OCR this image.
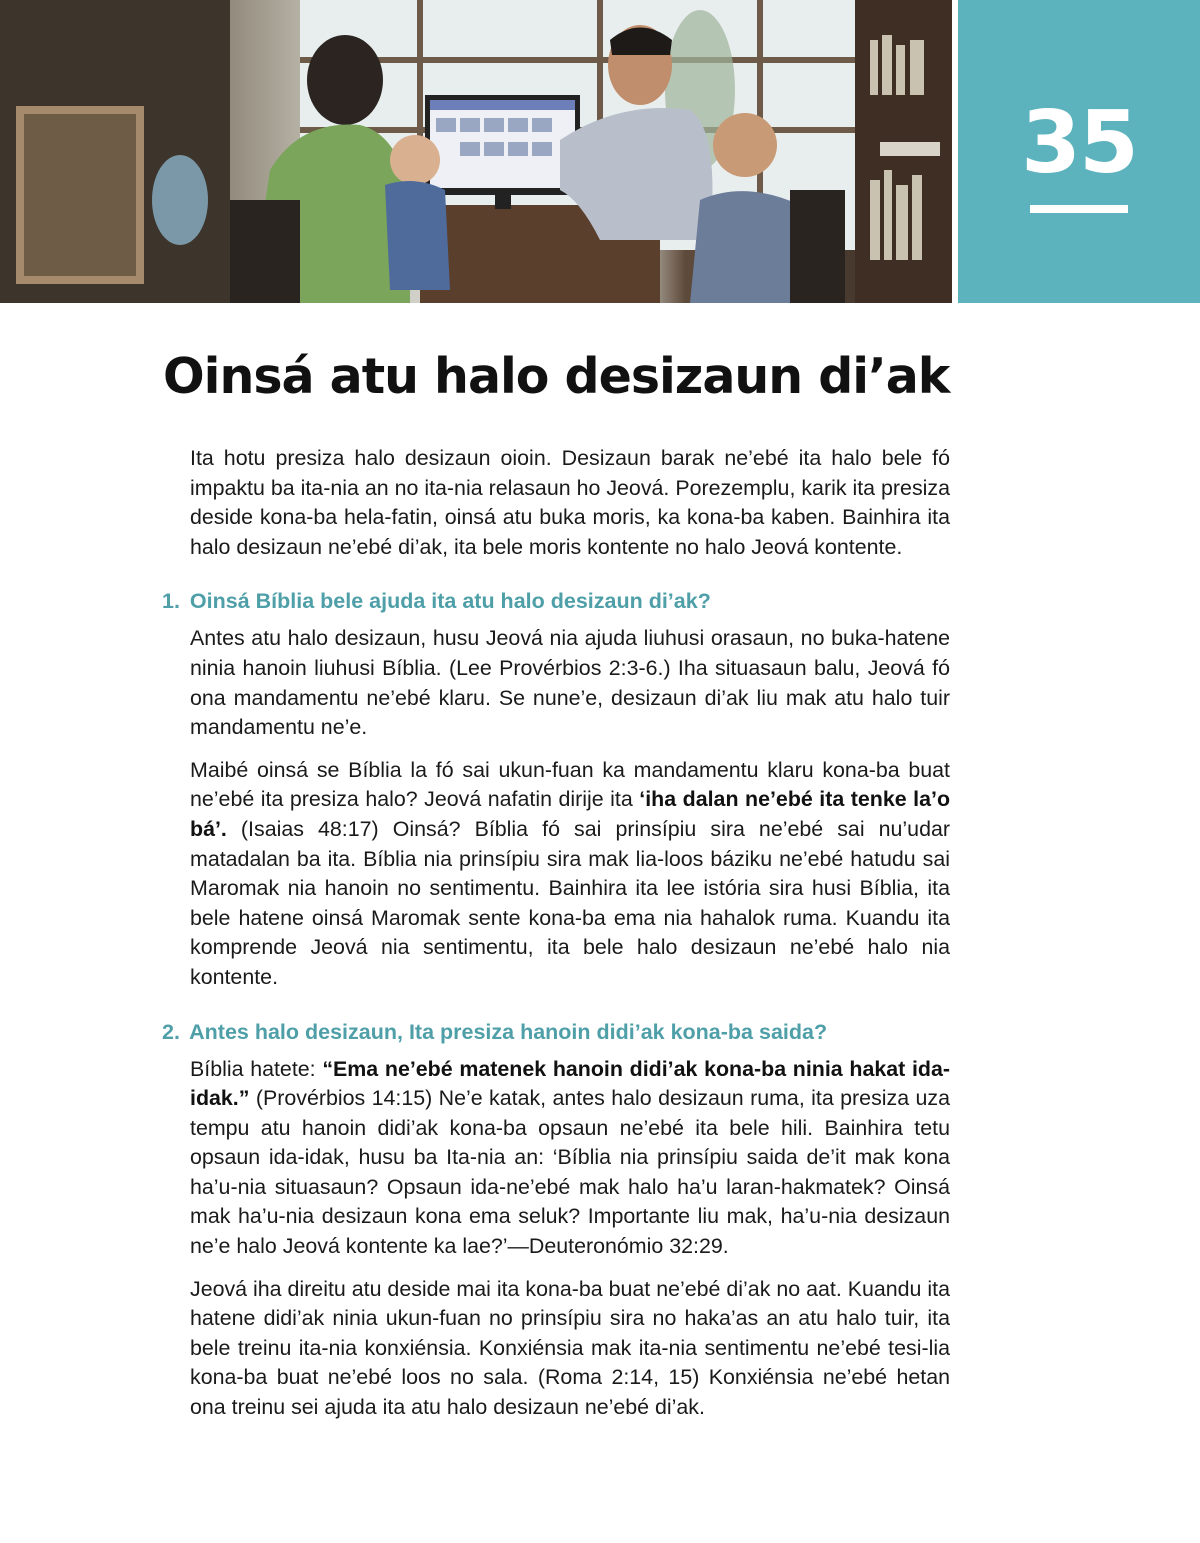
35
Oinsá atu halo desizaun di’ak

Ita hotu presiza halo desizaun oioin. Desizaun barak ne’ebé ita halo bele fó impaktu ba ita-nia an no ita-nia relasaun ho Jeová. Porezemplu, karik ita presiza deside kona-ba hela-fatin, oinsá atu buka moris, ka kona-ba kaben. Bainhira ita halo desizaun ne’ebé di’ak, ita bele moris kontente no halo Jeová kontente.

1. Oinsá Bíblia bele ajuda ita atu halo desizaun di’ak?

Antes atu halo desizaun, husu Jeová nia ajuda liuhusi orasaun, no buka-hatene ninia hanoin liuhusi Bíblia. (Lee Provérbios 2:3-6.) Iha situasaun balu, Jeová fó ona mandamentu ne’ebé klaru. Se nune’e, desizaun di’ak liu mak atu halo tuir mandamentu ne’e.

Maibé oinsá se Bíblia la fó sai ukun-fuan ka mandamentu klaru kona-ba buat ne’ebé ita presiza halo? Jeová nafatin dirije ita ‘iha dalan ne’ebé ita tenke la’o bá’. (Isaias 48:17) Oinsá? Bíblia fó sai prinsípiu sira ne’ebé sai nu’udar matadalan ba ita. Bíblia nia prinsípiu sira mak lia-loos báziku ne’ebé hatudu sai Maromak nia hanoin no sentimentu. Bainhira ita lee istória sira husi Bíblia, ita bele hatene oinsá Maromak sente kona-ba ema nia hahalok ruma. Kuandu ita komprende Jeová nia sentimentu, ita bele halo desizaun ne’ebé halo nia kontente.

2. Antes halo desizaun, Ita presiza hanoin didi’ak kona-ba saida?

Bíblia hatete: “Ema ne’ebé matenek hanoin didi’ak kona-ba ninia hakat ida-idak.” (Provérbios 14:15) Ne’e katak, antes halo desizaun ruma, ita presiza uza tempu atu hanoin didi’ak kona-ba opsaun ne’ebé ita bele hili. Bainhira tetu opsaun ida-idak, husu ba Ita-nia an: ‘Bíblia nia prinsípiu saida de’it mak kona ha’u-nia situasaun? Opsaun ida-ne’ebé mak halo ha’u laran-hakmatek? Oinsá mak ha’u-nia desizaun kona ema seluk? Importante liu mak, ha’u-nia desizaun ne’e halo Jeová kontente ka lae?’—Deuteronómio 32:29.

Jeová iha direitu atu deside mai ita kona-ba buat ne’ebé di’ak no aat. Kuandu ita hatene didi’ak ninia ukun-fuan no prinsípiu sira no haka’as an atu halo tuir, ita bele treinu ita-nia konxiénsia. Konxiénsia mak ita-nia sentimentu ne’ebé tesi-lia kona-ba buat ne’ebé loos no sala. (Roma 2:14, 15) Konxiénsia ne’ebé hetan ona treinu sei ajuda ita atu halo desizaun ne’ebé di’ak.
